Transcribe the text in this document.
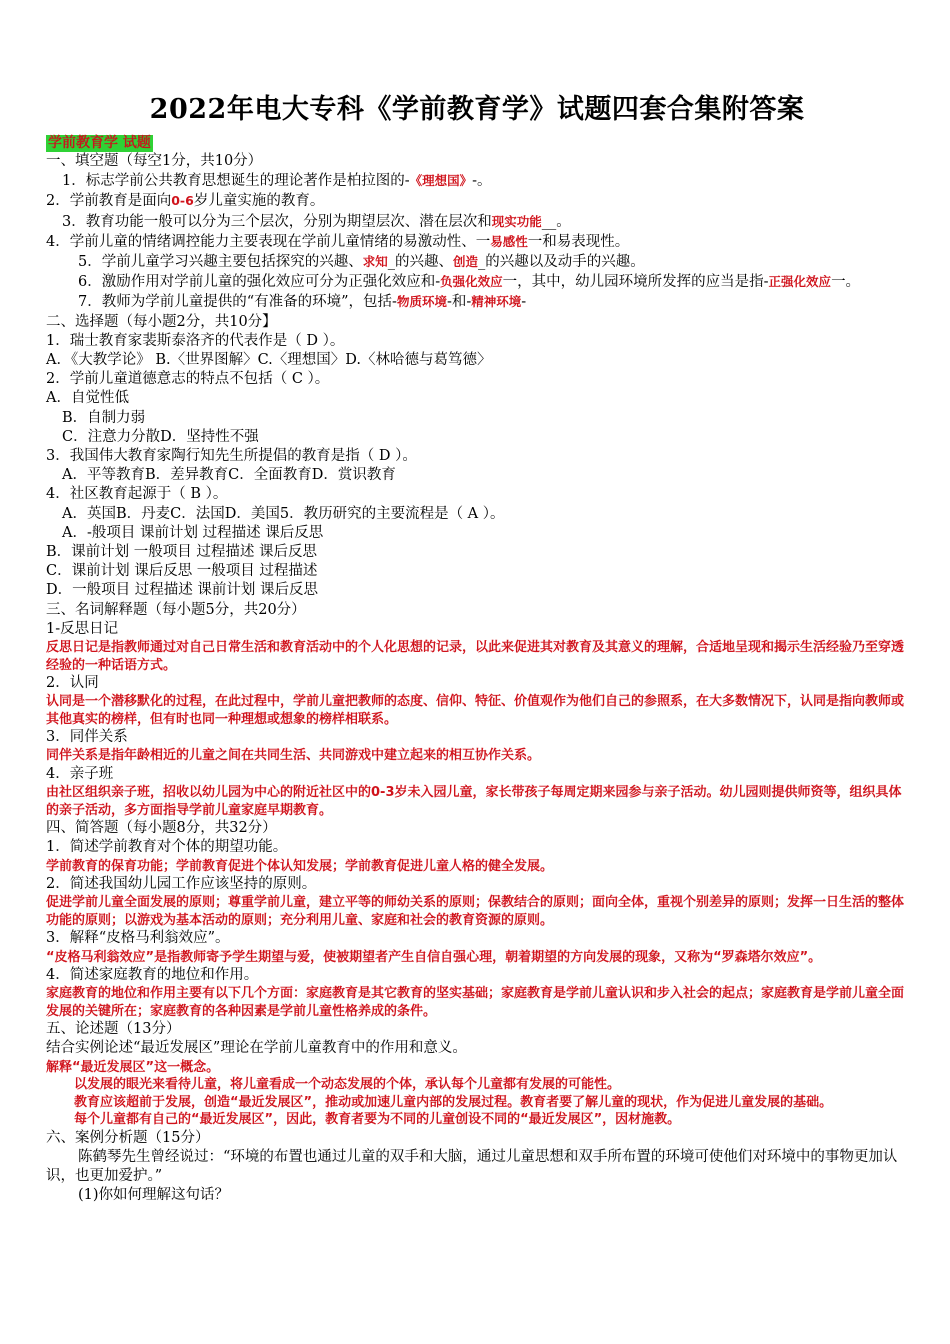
2022年电大专科《学前教育学》试题四套合集附答案
学前教育学 试题
一、填空题（每空1分，共10分）
1．标志学前公共教育思想诞生的理论著作是柏拉图的-《理想国》-。
2．学前教育是面向0-6岁儿童实施的教育。
3．教育功能一般可以分为三个层次，分别为期望层次、潜在层次和现实功能__。
4．学前儿童的情绪调控能力主要表现在学前儿童情绪的易激动性、一易感性一和易表现性。
5．学前儿童学习兴趣主要包括探究的兴趣、求知_的兴趣、创造_的兴趣以及动手的兴趣。
6．激励作用对学前儿童的强化效应可分为正强化效应和-负强化效应一，其中，幼儿园环境所发挥的应当是指-正强化效应一。
7．教师为学前儿童提供的“有准备的环境”，包括-物质环境-和-精神环境-
二、选择题（每小题2分，共10分】
1．瑞士教育家裴斯泰洛齐的代表作是（ D ）。
A．《大教学论》 B.〈世界图解〉C.〈理想国〉D.〈林哈德与葛笃德〉
2．学前儿童道德意志的特点不包括（ C ）。
A．自觉性低
B．自制力弱
C．注意力分散D．坚持性不强
3．我国伟大教育家陶行知先生所提倡的教育是指（ D ）。
A．平等教育B．差异教育C．全面教育D．赏识教育
4．社区教育起源于（ B ）。
A．英国B．丹麦C．法国D．美国5．教历研究的主要流程是（ A ）。
A．-般项目 课前计划 过程描述 课后反思
B．课前计划 一般项目 过程描述 课后反思
C．课前计划 课后反思 一般项目 过程描述
D．一般项目 过程描述 课前计划 课后反思
三、名词解释题（每小题5分，共20分）
1-反思日记
反思日记是指教师通过对自己日常生活和教育活动中的个人化思想的记录，以此来促进其对教育及其意义的理解，合适地呈现和揭示生活经验乃至穿透经验的一种话语方式。
2．认同
认同是一个潜移默化的过程，在此过程中，学前儿童把教师的态度、信仰、特征、价值观作为他们自己的参照系，在大多数情况下，认同是指向教师或其他真实的榜样，但有时也同一种理想或想象的榜样相联系。
3．同伴关系
同伴关系是指年龄相近的儿童之间在共同生活、共同游戏中建立起来的相互协作关系。
4．亲子班
由社区组织亲子班，招收以幼儿园为中心的附近社区中的0-3岁未入园儿童，家长带孩子每周定期来园参与亲子活动。幼儿园则提供师资等，组织具体的亲子活动，多方面指导学前儿童家庭早期教育。
四、简答题（每小题8分，共32分）
1．简述学前教育对个体的期望功能。
学前教育的保育功能；学前教育促进个体认知发展；学前教育促进儿童人格的健全发展。
2．简述我国幼儿园工作应该坚持的原则。
促进学前儿童全面发展的原则；尊重学前儿童，建立平等的师幼关系的原则；保教结合的原则；面向全体，重视个别差异的原则；发挥一日生活的整体功能的原则；以游戏为基本活动的原则；充分利用儿童、家庭和社会的教育资源的原则。
3．解释“皮格马利翁效应”。
“皮格马利翁效应”是指教师寄予学生期望与爱，使被期望者产生自信自强心理，朝着期望的方向发展的现象，又称为“罗森塔尔效应”。
4．简述家庭教育的地位和作用。
家庭教育的地位和作用主要有以下几个方面：家庭教育是其它教育的坚实基础；家庭教育是学前儿童认识和步入社会的起点；家庭教育是学前儿童全面发展的关键所在；家庭教育的各种因素是学前儿童性格养成的条件。
五、论述题（13分）
结合实例论述“最近发展区”理论在学前儿童教育中的作用和意义。
解释“最近发展区”这一概念。
以发展的眼光来看待儿童，将儿童看成一个动态发展的个体，承认每个儿童都有发展的可能性。
教育应该超前于发展，创造“最近发展区”，推动或加速儿童内部的发展过程。教育者要了解儿童的现状，作为促进儿童发展的基础。
每个儿童都有自己的“最近发展区”，因此，教育者要为不同的儿童创设不同的“最近发展区”，因材施教。
六、案例分析题（15分）
陈鹤琴先生曾经说过：“环境的布置也通过儿童的双手和大脑，通过儿童思想和双手所布置的环境可使他们对环境中的事物更加认识，也更加爱护。”
(1)你如何理解这句话？
